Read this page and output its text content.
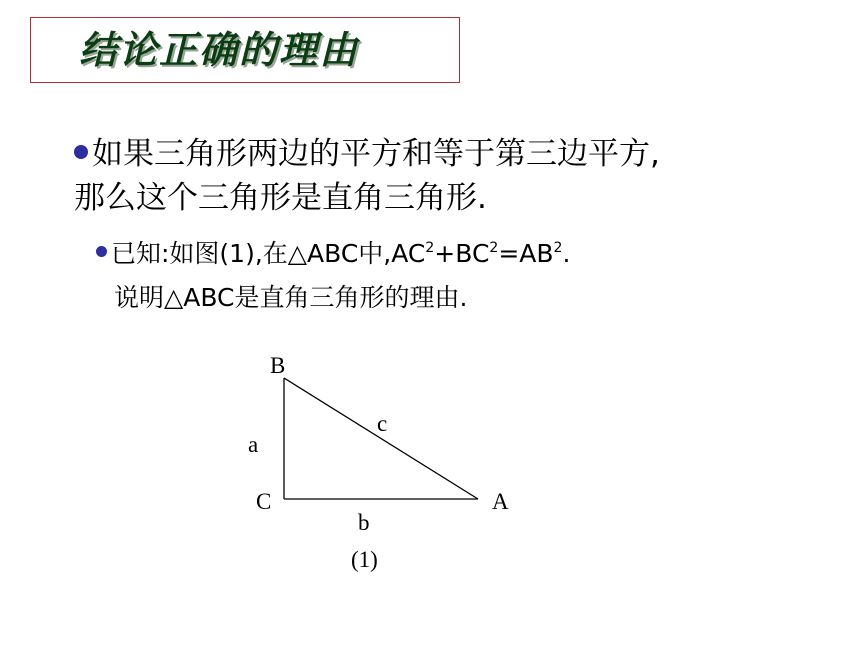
结论正确的理由
如果三角形两边的平方和等于第三边平方,
那么这个三角形是直角三角形.
已知:如图(1),在△ABC中$,AC^2+BC^2=AB^2$.
说明△ABC是直角三角形的理由.
B
a
c
C	A
b
(1)
